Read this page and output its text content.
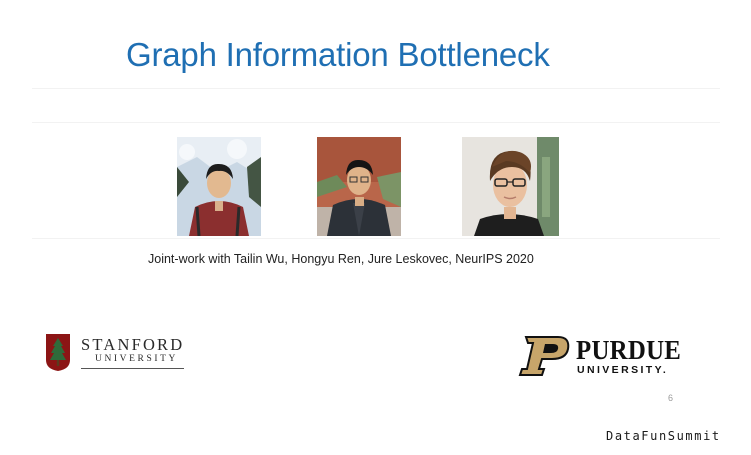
Graph Information Bottleneck
Joint-work with Tailin Wu, Hongyu Ren, Jure Leskovec, NeurIPS 2020
STANFORD
UNIVERSITY	PURDUE
UNIVERSITY.
6
DataFunSummit
